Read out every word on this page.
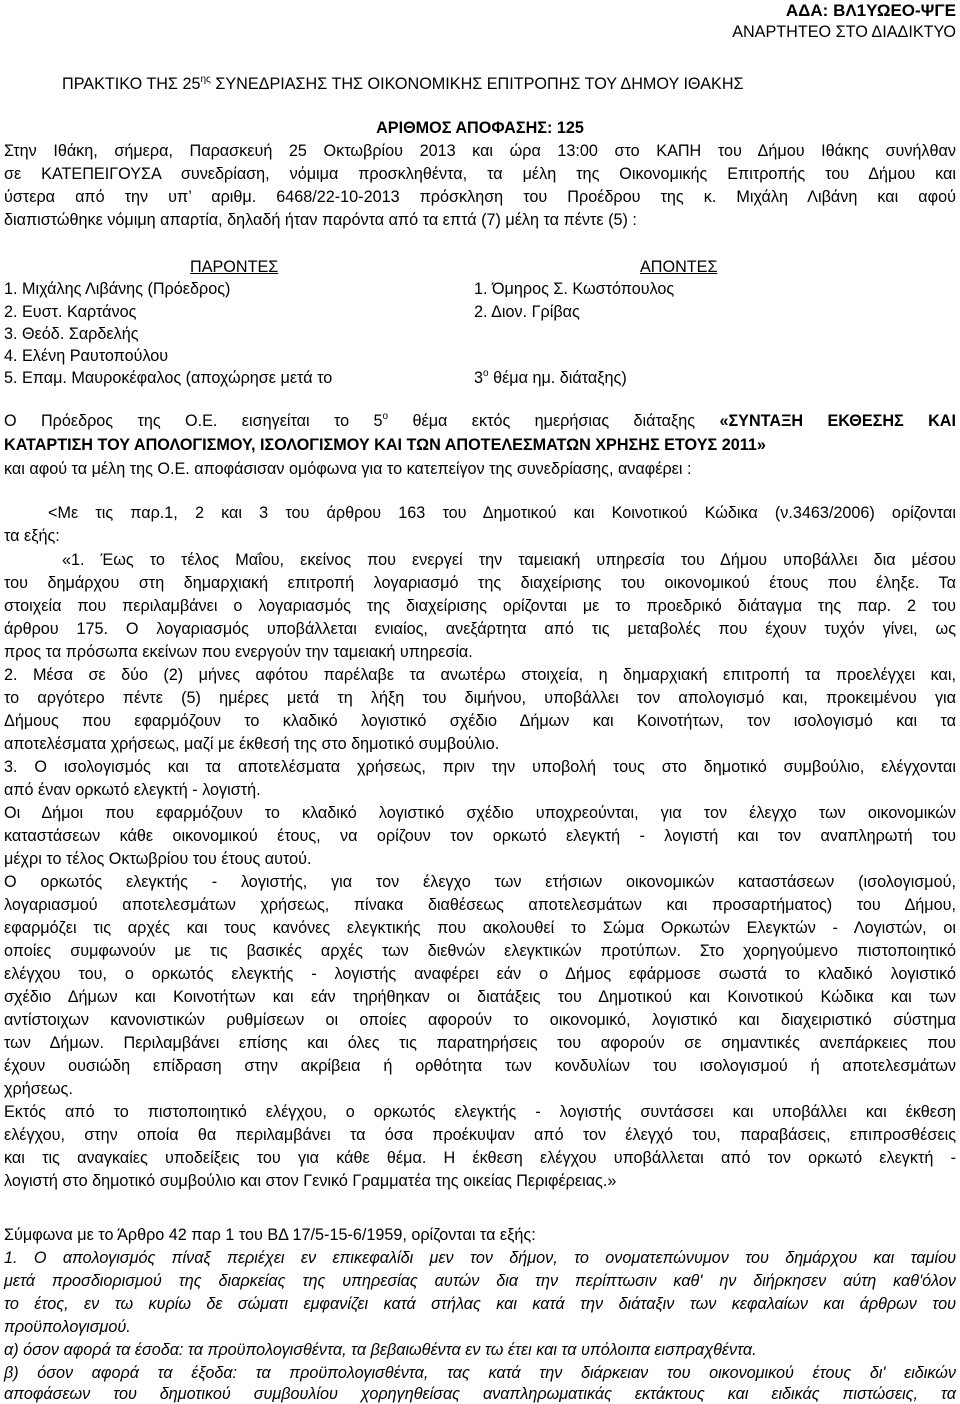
ΑΔΑ: ΒΛ1ΥΩΕΟ-ΨΓΕ
ΑΝΑΡΤΗΤΕΟ ΣΤΟ ΔΙΑΔΙΚΤΥΟ
ΠΡΑΚΤΙΚΟ ΤΗΣ $25^{\eta\varsigma}$ ΣΥΝΕΔΡΙΑΣΗΣ ΤΗΣ ΟΙΚΟΝΟΜΙΚΗΣ ΕΠΙΤΡΟΠΗΣ ΤΟΥ ΔΗΜΟΥ ΙΘΑΚΗΣ
ΑΡΙΘΜΟΣ ΑΠΟΦΑΣΗΣ: 125
Στην Ιθάκη, σήμερα, Παρασκευή 25 Οκτωβρίου 2013 και ώρα 13:00 στο ΚΑΠΗ του Δήμου Ιθάκης συνήλθαν
σε ΚΑΤΕΠΕΙΓΟΥΣΑ συνεδρίαση, νόμιμα προσκληθέντα, τα μέλη της Οικονομικής Επιτροπής του Δήμου και
ύστερα από την υπ’ αριθμ. 6468/22-10-2013 πρόσκληση του Προέδρου της κ. Μιχάλη Λιβάνη και αφού
διαπιστώθηκε νόμιμη απαρτία, δηλαδή ήταν παρόντα από τα επτά (7) μέλη τα πέντε (5) :
ΠΑΡΟΝΤΕΣ	ΑΠΟΝΤΕΣ
1. Μιχάλης Λιβάνης (Πρόεδρος)
2. Ευστ. Καρτάνος
3. Θεόδ. Σαρδελής
4. Ελένη Ραυτοπούλου
5. Επαμ. Μαυροκέφαλος (αποχώρησε μετά το
1. Όμηρος Σ. Κωστόπουλος
2. Διον. Γρίβας
$3^o$ θέμα ημ. διάταξης)
Ο Πρόεδρος της Ο.Ε. εισηγείται το $5^o$ θέμα εκτός ημερήσιας διάταξης «ΣΥΝΤΑΞΗ ΕΚΘΕΣΗΣ ΚΑΙ
ΚΑΤΑΡΤΙΣΗ ΤΟΥ ΑΠΟΛΟΓΙΣΜΟΥ, ΙΣΟΛΟΓΙΣΜΟΥ ΚΑΙ ΤΩΝ ΑΠΟΤΕΛΕΣΜΑΤΩΝ ΧΡΗΣΗΣ ΕΤΟΥΣ 2011»
και αφού τα μέλη της Ο.Ε. αποφάσισαν ομόφωνα για το κατεπείγον της συνεδρίασης, αναφέρει :
<Με τις παρ.1, 2 και 3 του άρθρου 163 του Δημοτικού και Κοινοτικού Κώδικα (ν.3463/2006) ορίζονται
τα εξής:
«1. Έως το τέλος Μαΐου, εκείνος που ενεργεί την ταμειακή υπηρεσία του Δήμου υποβάλλει δια μέσου
του δημάρχου στη δημαρχιακή επιτροπή λογαριασμό της διαχείρισης του οικονομικού έτους που έληξε. Τα
στοιχεία που περιλαμβάνει ο λογαριασμός της διαχείρισης ορίζονται με το προεδρικό διάταγμα της παρ. 2 του
άρθρου 175. Ο λογαριασμός υποβάλλεται ενιαίος, ανεξάρτητα από τις μεταβολές που έχουν τυχόν γίνει, ως
προς τα πρόσωπα εκείνων που ενεργούν την ταμειακή υπηρεσία.
2. Μέσα σε δύο (2) μήνες αφότου παρέλαβε τα ανωτέρω στοιχεία, η δημαρχιακή επιτροπή τα προελέγχει και,
το αργότερο πέντε (5) ημέρες μετά τη λήξη του διμήνου, υποβάλλει τον απολογισμό και, προκειμένου για
Δήμους που εφαρμόζουν το κλαδικό λογιστικό σχέδιο Δήμων και Κοινοτήτων, τον ισολογισμό και τα
αποτελέσματα χρήσεως, μαζί με έκθεσή της στο δημοτικό συμβούλιο.
3. Ο ισολογισμός και τα αποτελέσματα χρήσεως, πριν την υποβολή τους στο δημοτικό συμβούλιο, ελέγχονται
από έναν ορκωτό ελεγκτή - λογιστή.
Οι Δήμοι που εφαρμόζουν το κλαδικό λογιστικό σχέδιο υποχρεούνται, για τον έλεγχο των οικονομικών
καταστάσεων κάθε οικονομικού έτους, να ορίζουν τον ορκωτό ελεγκτή - λογιστή και τον αναπληρωτή του
μέχρι το τέλος Οκτωβρίου του έτους αυτού.
Ο ορκωτός ελεγκτής - λογιστής, για τον έλεγχο των ετήσιων οικονομικών καταστάσεων (ισολογισμού,
λογαριασμού αποτελεσμάτων χρήσεως, πίνακα διαθέσεως αποτελεσμάτων και προσαρτήματος) του Δήμου,
εφαρμόζει τις αρχές και τους κανόνες ελεγκτικής που ακολουθεί το Σώμα Ορκωτών Ελεγκτών - Λογιστών, οι
οποίες συμφωνούν με τις βασικές αρχές των διεθνών ελεγκτικών προτύπων. Στο χορηγούμενο πιστοποιητικό
ελέγχου του, ο ορκωτός ελεγκτής - λογιστής αναφέρει εάν ο Δήμος εφάρμοσε σωστά το κλαδικό λογιστικό
σχέδιο Δήμων και Κοινοτήτων και εάν τηρήθηκαν οι διατάξεις του Δημοτικού και Κοινοτικού Κώδικα και των
αντίστοιχων κανονιστικών ρυθμίσεων οι οποίες αφορούν το οικονομικό, λογιστικό και διαχειριστικό σύστημα
των Δήμων. Περιλαμβάνει επίσης και όλες τις παρατηρήσεις του αφορούν σε σημαντικές ανεπάρκειες που
έχουν ουσιώδη επίδραση στην ακρίβεια ή ορθότητα των κονδυλίων του ισολογισμού ή αποτελεσμάτων
χρήσεως.
Εκτός από το πιστοποιητικό ελέγχου, ο ορκωτός ελεγκτής - λογιστής συντάσσει και υποβάλλει και έκθεση
ελέγχου, στην οποία θα περιλαμβάνει τα όσα προέκυψαν από τον έλεγχό του, παραβάσεις, επιπροσθέσεις
και τις αναγκαίες υποδείξεις του για κάθε θέμα. Η έκθεση ελέγχου υποβάλλεται από τον ορκωτό ελεγκτή -
λογιστή στο δημοτικό συμβούλιο και στον Γενικό Γραμματέα της οικείας Περιφέρειας.»
Σύμφωνα με το Άρθρο 42 παρ 1 του ΒΔ 17/5-15-6/1959, ορίζονται τα εξής:
1. Ο απολογισμός πίναξ περιέχει εν επικεφαλίδι μεν τον δήμον, το ονοματεπώνυμον του δημάρχου και ταμίου
μετά προσδιορισμού της διαρκείας της υπηρεσίας αυτών δια την περίπτωσιν καθ' ην διήρκησεν αύτη καθ'όλον
το έτος, εν τω κυρίω δε σώματι εμφανίζει κατά στήλας και κατά την διάταξιν των κεφαλαίων και άρθρων του
προϋπολογισμού.
α) όσον αφορά τα έσοδα: τα προϋπολογισθέντα, τα βεβαιωθέντα εν τω έτει και τα υπόλοιπα εισπραχθέντα.
β) όσον αφορά τα έξοδα: τα προϋπολογισθέντα, τας κατά την διάρκειαν του οικονομικού έτους δι' ειδικών
αποφάσεων του δημοτικού συμβουλίου χορηγηθείσας αναπληρωματικάς εκτάκτους και ειδικάς πιστώσεις, τα
